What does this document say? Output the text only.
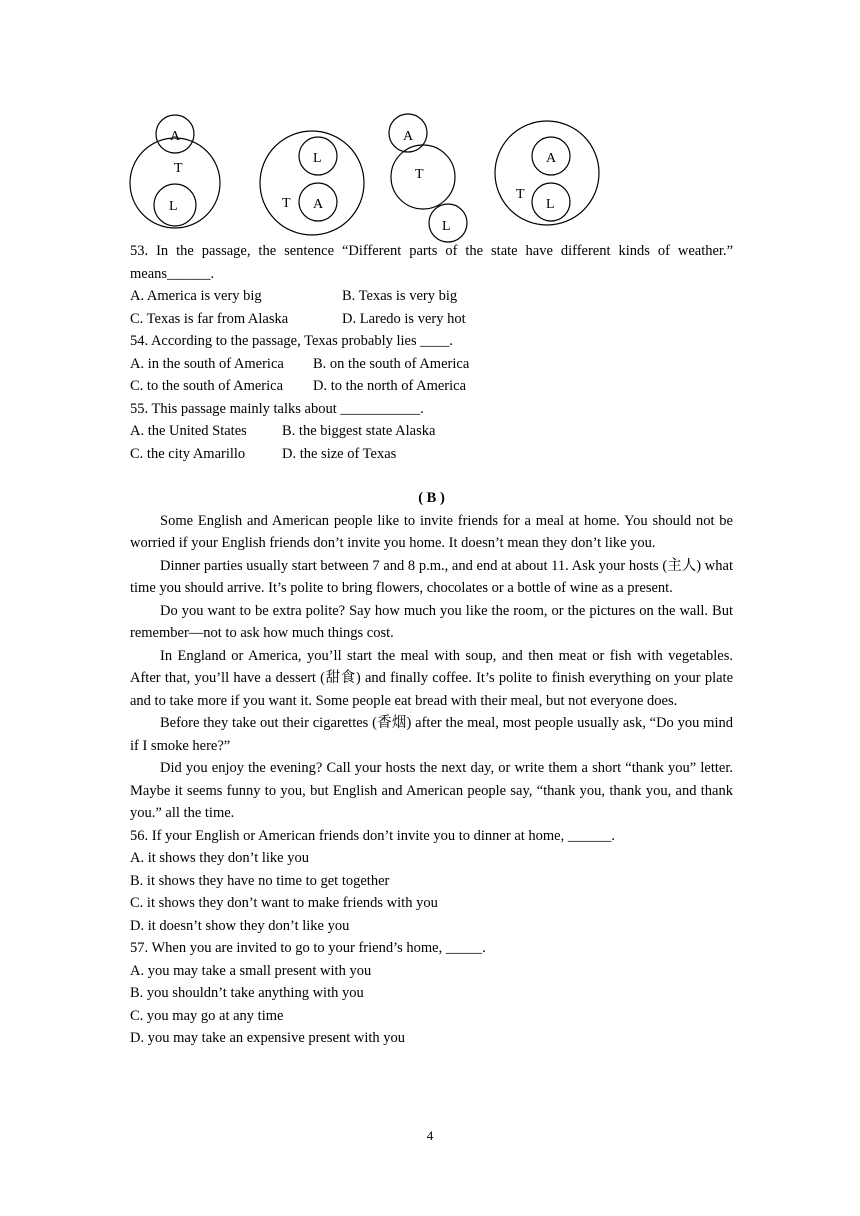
A
T
L
L
T A
A
T
L
A
T
L
53. In the passage, the sentence “Different parts of the state have different kinds of weather.”
means______.
A. America is very big	B. Texas is very big
C. Texas is far from Alaska	D. Laredo is very hot
54. According to the passage, Texas probably lies ____.
A. in the south of America	B. on the south of America
C. to the south of America	D. to the north of America
55. This passage mainly talks about ___________.
A. the United States	B. the biggest state Alaska
C. the city Amarillo	D. the size of Texas
( B )
Some English and American people like to invite friends for a meal at home. You should not be worried if your English friends don’t invite you home. It doesn’t mean they don’t like you.
Dinner parties usually start between 7 and 8 p.m., and end at about 11. Ask your hosts (主人) what time you should arrive. It’s polite to bring flowers, chocolates or a bottle of wine as a present.
Do you want to be extra polite? Say how much you like the room, or the pictures on the wall. But remember—not to ask how much things cost.
In England or America, you’ll start the meal with soup, and then meat or fish with vegetables. After that, you’ll have a dessert (甜食) and finally coffee. It’s polite to finish everything on your plate and to take more if you want it. Some people eat bread with their meal, but not everyone does.
Before they take out their cigarettes (香烟) after the meal, most people usually ask, “Do you mind if I smoke here?”
Did you enjoy the evening? Call your hosts the next day, or write them a short “thank you” letter. Maybe it seems funny to you, but English and American people say, “thank you, thank you, and thank you.” all the time.
56. If your English or American friends don’t invite you to dinner at home, ______.
A. it shows they don’t like you
B. it shows they have no time to get together
C. it shows they don’t want to make friends with you
D. it doesn’t show they don’t like you
57. When you are invited to go to your friend’s home, _____.
A. you may take a small present with you
B. you shouldn’t take anything with you
C. you may go at any time
D. you may take an expensive present with you
4
